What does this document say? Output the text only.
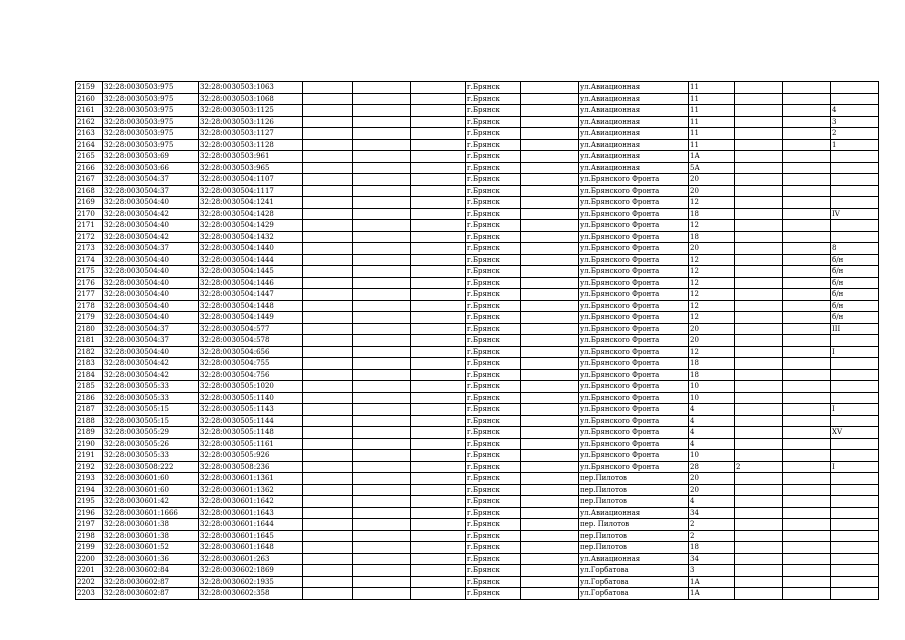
2159	32:28:0030503:975	32:28:0030503:1063				г.Брянск		ул.Авиационная	11			
2160	32:28:0030503:975	32:28:0030503:1068				г.Брянск		ул.Авиационная	11			
2161	32:28:0030503:975	32:28:0030503:1125				г.Брянск		ул.Авиационная	11			4
2162	32:28:0030503:975	32:28:0030503:1126				г.Брянск		ул.Авиационная	11			3
2163	32:28:0030503:975	32:28:0030503:1127				г.Брянск		ул.Авиационная	11			2
2164	32:28:0030503:975	32:28:0030503:1128				г.Брянск		ул.Авиационная	11			1
2165	32:28:0030503:69	32:28:0030503:961				г.Брянск		ул.Авиационная	1А			
2166	32:28:0030503:66	32:28:0030503:965				г.Брянск		ул.Авиационная	5А			
2167	32:28:0030504:37	32:28:0030504:1107				г.Брянск		ул.Брянского Фронта	20			
2168	32:28:0030504:37	32:28:0030504:1117				г.Брянск		ул.Брянского Фронта	20			
2169	32:28:0030504:40	32:28:0030504:1241				г.Брянск		ул.Брянского Фронта	12			
2170	32:28:0030504:42	32:28:0030504:1428				г.Брянск		ул.Брянского Фронта	18			IV
2171	32:28:0030504:40	32:28:0030504:1429				г.Брянск		ул.Брянского Фронта	12			
2172	32:28:0030504:42	32:28:0030504:1432				г.Брянск		ул.Брянского Фронта	18			
2173	32:28:0030504:37	32:28:0030504:1440				г.Брянск		ул.Брянского Фронта	20			8
2174	32:28:0030504:40	32:28:0030504:1444				г.Брянск		ул.Брянского Фронта	12			б/н
2175	32:28:0030504:40	32:28:0030504:1445				г.Брянск		ул.Брянского Фронта	12			б/н
2176	32:28:0030504:40	32:28:0030504:1446				г.Брянск		ул.Брянского Фронта	12			б/н
2177	32:28:0030504:40	32:28:0030504:1447				г.Брянск		ул.Брянского Фронта	12			б/н
2178	32:28:0030504:40	32:28:0030504:1448				г.Брянск		ул.Брянского Фронта	12			б/н
2179	32:28:0030504:40	32:28:0030504:1449				г.Брянск		ул.Брянского Фронта	12			б/н
2180	32:28:0030504:37	32:28:0030504:577				г.Брянск		ул.Брянского Фронта	20			III
2181	32:28:0030504:37	32:28:0030504:578				г.Брянск		ул.Брянского Фронта	20			
2182	32:28:0030504:40	32:28:0030504:656				г.Брянск		ул.Брянского Фронта	12			I
2183	32:28:0030504:42	32:28:0030504:755				г.Брянск		ул.Брянского Фронта	18			
2184	32:28:0030504:42	32:28:0030504:756				г.Брянск		ул.Брянского Фронта	18			
2185	32:28:0030505:33	32:28:0030505:1020				г.Брянск		ул.Брянского Фронта	10			
2186	32:28:0030505:33	32:28:0030505:1140				г.Брянск		ул.Брянского Фронта	10			
2187	32:28:0030505:15	32:28:0030505:1143				г.Брянск		ул.Брянского Фронта	4			I
2188	32:28:0030505:15	32:28:0030505:1144				г.Брянск		ул.Брянского Фронта	4			
2189	32:28:0030505:29	32:28:0030505:1148				г.Брянск		ул.Брянского Фронта	4			XV
2190	32:28:0030505:26	32:28:0030505:1161				г.Брянск		ул.Брянского Фронта	4			
2191	32:28:0030505:33	32:28:0030505:926				г.Брянск		ул.Брянского Фронта	10			
2192	32:28:0030508:222	32:28:0030508:236				г.Брянск		ул.Брянского Фронта	28	2		I
2193	32:28:0030601:60	32:28:0030601:1361				г.Брянск		пер.Пилотов	20			
2194	32:28:0030601:60	32:28:0030601:1362				г.Брянск		пер.Пилотов	20			
2195	32:28:0030601:42	32:28:0030601:1642				г.Брянск		пер.Пилотов	4			
2196	32:28:0030601:1666	32:28:0030601:1643				г.Брянск		ул.Авиационная	34			
2197	32:28:0030601:38	32:28:0030601:1644				г.Брянск		пер. Пилотов	2			
2198	32:28:0030601:38	32:28:0030601:1645				г.Брянск		пер.Пилотов	2			
2199	32:28:0030601:52	32:28:0030601:1648				г.Брянск		пер.Пилотов	18			
2200	32:28:0030601:36	32:28:0030601:263				г.Брянск		ул.Авиационная	34			
2201	32:28:0030602:84	32:28:0030602:1869				г.Брянск		ул.Горбатова	3			
2202	32:28:0030602:87	32:28:0030602:1935				г.Брянск		ул.Горбатова	1А			
2203	32:28:0030602:87	32:28:0030602:358				г.Брянск		ул.Горбатова	1А			
